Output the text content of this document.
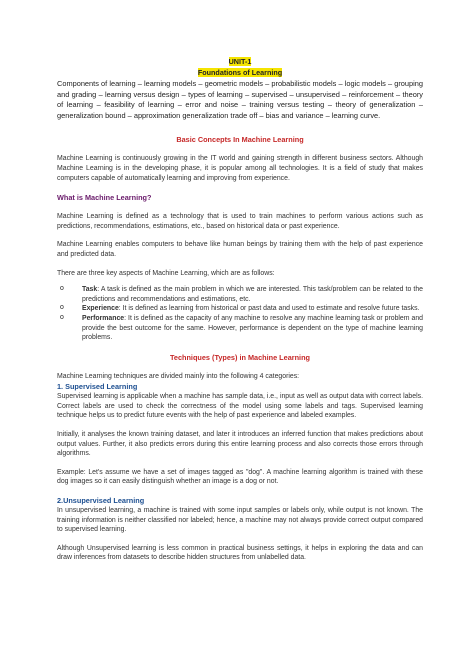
UNIT-1
Foundations of Learning

Components of learning – learning models – geometric models – probabilistic models – logic models – grouping and grading – learning versus design – types of learning – supervised – unsupervised – reinforcement – theory of learning – feasibility of learning – error and noise – training versus testing – theory of generalization – generalization bound – approximation generalization trade off – bias and variance – learning curve.

Basic Concepts In Machine Learning

Machine Learning is continuously growing in the IT world and gaining strength in different business sectors. Although Machine Learning is in the developing phase, it is popular among all technologies. It is a field of study that makes computers capable of automatically learning and improving from experience.

What is Machine Learning?

Machine Learning is defined as a technology that is used to train machines to perform various actions such as predictions, recommendations, estimations, etc., based on historical data or past experience.

Machine Learning enables computers to behave like human beings by training them with the help of past experience and predicted data.

There are three key aspects of Machine Learning, which are as follows:

o	Task: A task is defined as the main problem in which we are interested. This task/problem can be related to the predictions and recommendations and estimations, etc.

o	Experience: It is defined as learning from historical or past data and used to estimate and resolve future tasks.

o	Performance: It is defined as the capacity of any machine to resolve any machine learning task or problem and provide the best outcome for the same. However, performance is dependent on the type of machine learning problems.

Techniques (Types) in Machine Learning

Machine Learning techniques are divided mainly into the following 4 categories:

1. Supervised Learning

Supervised learning is applicable when a machine has sample data, i.e., input as well as output data with correct labels. Correct labels are used to check the correctness of the model using some labels and tags. Supervised learning technique helps us to predict future events with the help of past experience and labeled examples.

Initially, it analyses the known training dataset, and later it introduces an inferred function that makes predictions about output values. Further, it also predicts errors during this entire learning process and also corrects those errors through algorithms.

Example: Let's assume we have a set of images tagged as "dog". A machine learning algorithm is trained with these dog images so it can easily distinguish whether an image is a dog or not.

2.Unsupervised Learning

In unsupervised learning, a machine is trained with some input samples or labels only, while output is not known. The training information is neither classified nor labeled; hence, a machine may not always provide correct output compared to supervised learning.

Although Unsupervised learning is less common in practical business settings, it helps in exploring the data and can draw inferences from datasets to describe hidden structures from unlabelled data.
